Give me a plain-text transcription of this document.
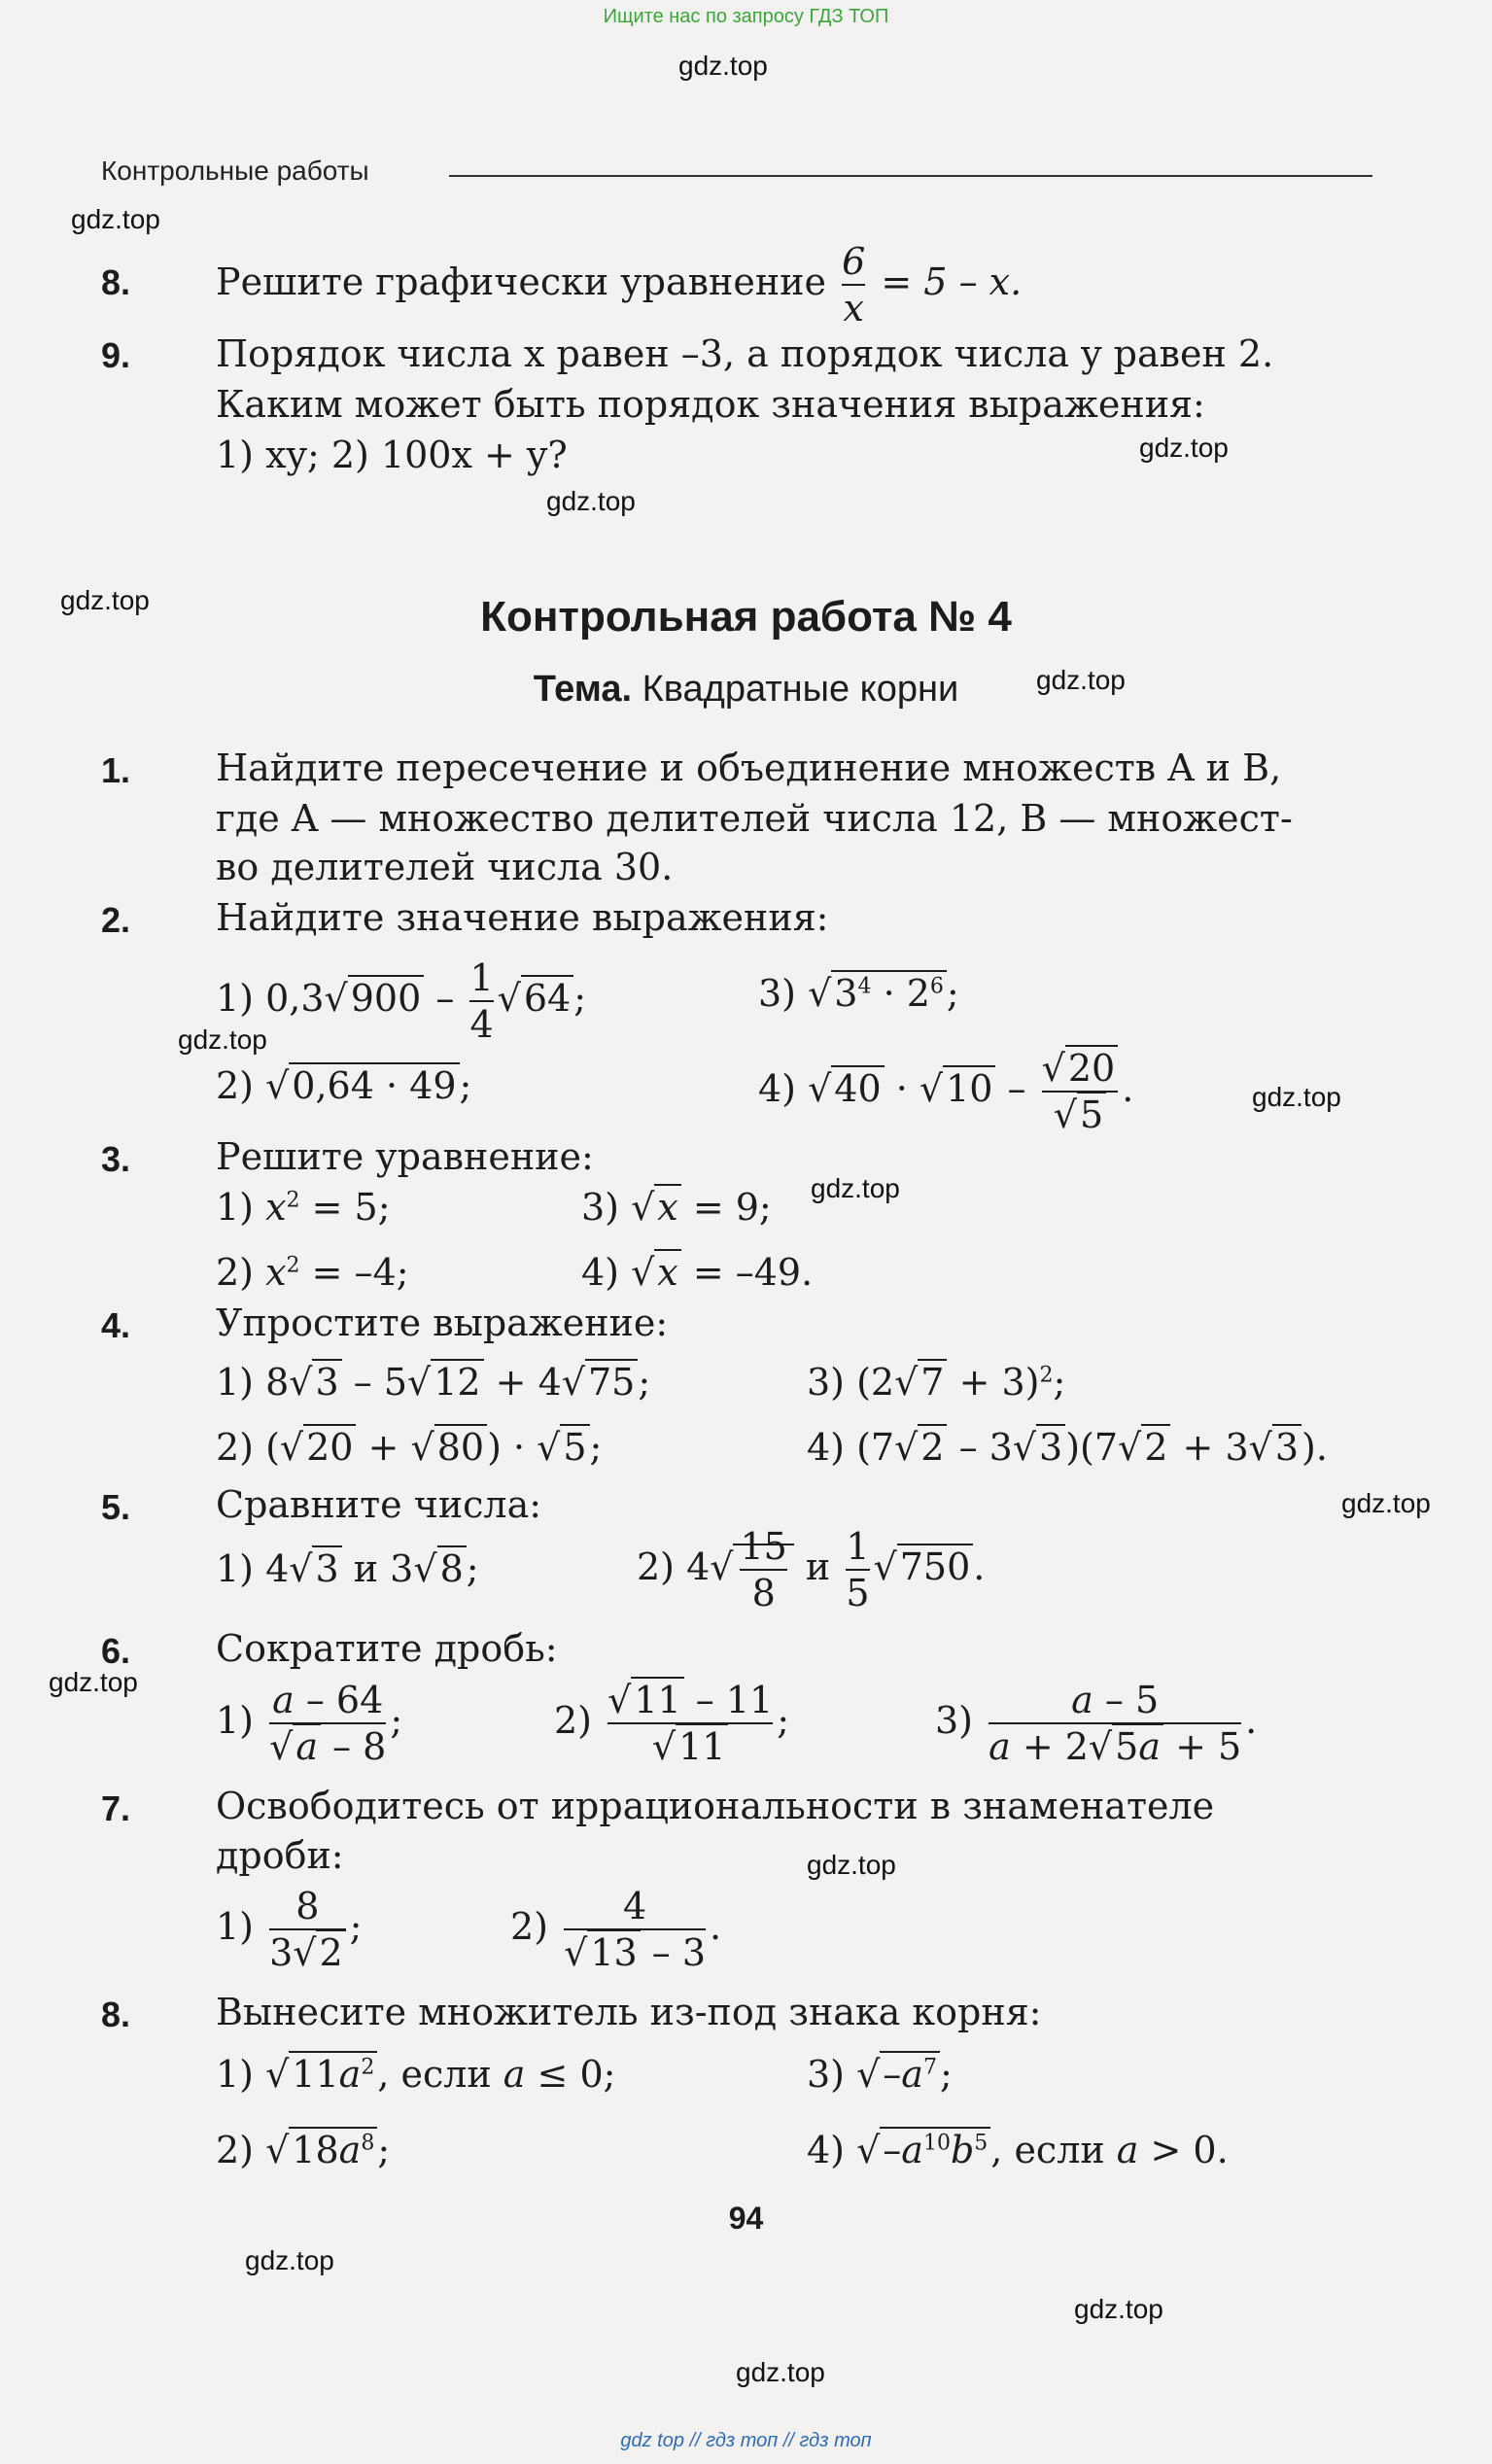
Ищите нас по запросу ГДЗ ТОП
gdz top // гдз топ // гдз топ
gdz.top
gdz.top
gdz.top
gdz.top
gdz.top
gdz.top
gdz.top
gdz.top
gdz.top
gdz.top
gdz.top
gdz.top
gdz.top
gdz.top
gdz.top
Контрольные работы
8. Решите графически уравнение $\frac{6}{x} = 5 - x$.
9. Порядок числа x равен –3, а порядок числа y равен 2.
Каким может быть порядок значения выражения:
1) xy; 2) 100x + y?
Контрольная работа № 4
Тема. Квадратные корни
1. Найдите пересечение и объединение множеств A и B,
где A — множество делителей числа 12, B — множест-
во делителей числа 30.
2. Найдите значение выражения:
1) $0,3√900 - \frac{1}{4} √64$;	3) $√3^4 \cdot 2^6$;
2) √0,64 · 49;	4) $√40 \cdot √10 - \frac{√20}{√5}$ .
3. Решите уравнение:
1) $x^2 = 5$;	3) √x = 9;
2) $x^2 = -4$;	4) √x = –49.
4. Упростите выражение:
1) 8√3 – 5√12 + 4√75;	3) $(2√7 + 3)^2$;
2) (√20 + √80) · √5;	4) (7√2 – 3√3)(7√2 + 3√3).
5. Сравните числа:
1) 4√3 и 3√8;	2) $4√ \frac{15}{8}$ и $\frac{1}{5} √750$.
6. Сократите дробь:
$1) \frac{a - 64}{√a - 8}$ ;	$2) \frac{√11 - 11}{√11}$ ;	$3) \frac{a - 5}{a + 2√5a + 5}$ .
7. Освободитесь от иррациональности в знаменателе
дроби:
$1) \frac{8}{3√2}$ ;	$2) \frac{4}{√13 - 3}$ .
8. Вынесите множитель из-под знака корня:
1) $√11a^2$, если a ≤ 0;	3) $√-a^7$;
2) $√18a^8$;	4) $√-a^{10}b^5$, если a > 0.
94
